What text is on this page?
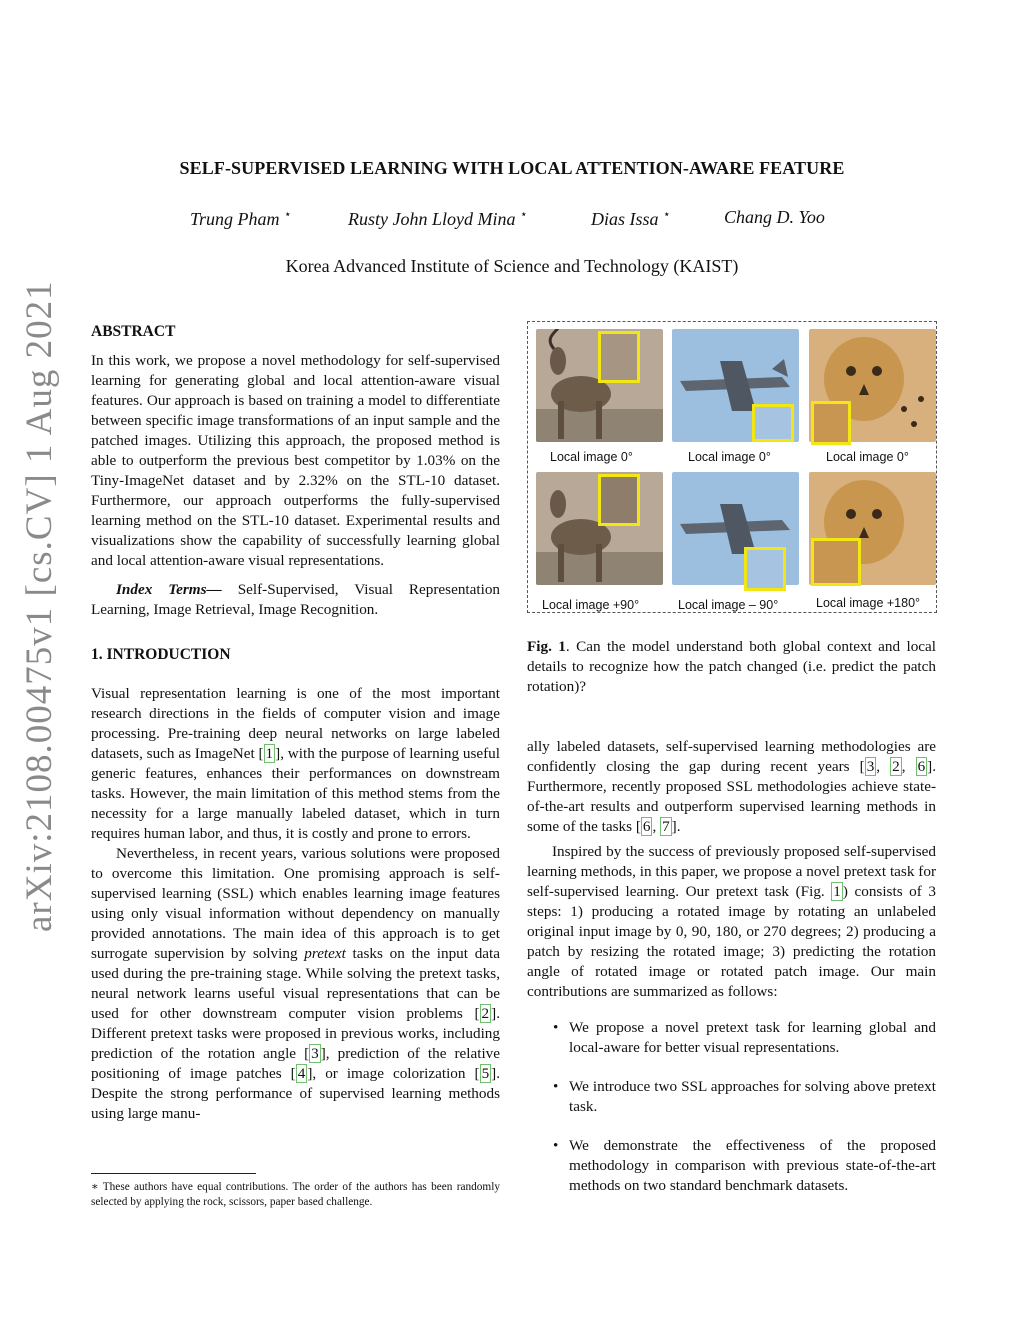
arXiv:2108.00475v1 [cs.CV] 1 Aug 2021
SELF-SUPERVISED LEARNING WITH LOCAL ATTENTION-AWARE FEATURE
Trung Pham ⋆	Rusty John Lloyd Mina ⋆	Dias Issa ⋆	Chang D. Yoo
Korea Advanced Institute of Science and Technology (KAIST)

ABSTRACT

In this work, we propose a novel methodology for self-supervised learning for generating global and local attention-aware visual features. Our approach is based on training a model to differentiate between specific image transformations of an input sample and the patched images. Utilizing this approach, the proposed method is able to outperform the previous best competitor by 1.03% on the Tiny-ImageNet dataset and by 2.32% on the STL-10 dataset. Furthermore, our approach outperforms the fully-supervised learning method on the STL-10 dataset. Experimental results and visualizations show the capability of successfully learning global and local attention-aware visual representations.

Index Terms— Self-Supervised, Visual Representation Learning, Image Retrieval, Image Recognition.

1. INTRODUCTION

Visual representation learning is one of the most important research directions in the fields of computer vision and image processing. Pre-training deep neural networks on large labeled datasets, such as ImageNet [ 1 ], with the purpose of learning useful generic features, enhances their performances on downstream tasks. However, the main limitation of this method stems from the necessity for a large manually labeled dataset, which in turn requires human labor, and thus, it is costly and prone to errors.

Nevertheless, in recent years, various solutions were proposed to overcome this limitation. One promising approach is self-supervised learning (SSL) which enables learning image features using only visual information without dependency on manually provided annotations. The main idea of this approach is to get surrogate supervision by solving pretext tasks on the input data used during the pre-training stage. While solving the pretext tasks, neural network learns useful visual representations that can be used for other downstream computer vision problems [ 2 ]. Different pretext tasks were proposed in previous works, including prediction of the rotation angle [ 3 ], prediction of the relative positioning of image patches [ 4 ], or image colorization [ 5 ]. Despite the strong performance of supervised learning methods using large manu-

∗ These authors have equal contributions. The order of the authors has been randomly selected by applying the rock, scissors, paper based challenge.
Local image 0°	Local image 0°	Local image 0°
Local image +90°	Local image – 90°	Local image +180°

Fig. 1. Can the model understand both global context and local details to recognize how the patch changed (i.e. predict the patch rotation)?

ally labeled datasets, self-supervised learning methodologies are confidently closing the gap during recent years [ 3 , 2 , 6 ]. Furthermore, recently proposed SSL methodologies achieve state-of-the-art results and outperform supervised learning methods in some of the tasks [ 6 , 7 ].

Inspired by the success of previously proposed self-supervised learning methods, in this paper, we propose a novel pretext task for self-supervised learning. Our pretext task (Fig. 1 ) consists of 3 steps: 1) producing a rotated image by rotating an unlabeled original input image by 0, 90, 180, or 270 degrees; 2) producing a patch by resizing the rotated image; 3) predicting the rotation angle of rotated image or rotated patch image. Our main contributions are summarized as follows:

• We propose a novel pretext task for learning global and local-aware for better visual representations.
• We introduce two SSL approaches for solving above pretext task.
• We demonstrate the effectiveness of the proposed methodology in comparison with previous state-of-the-art methods on two standard benchmark datasets.
